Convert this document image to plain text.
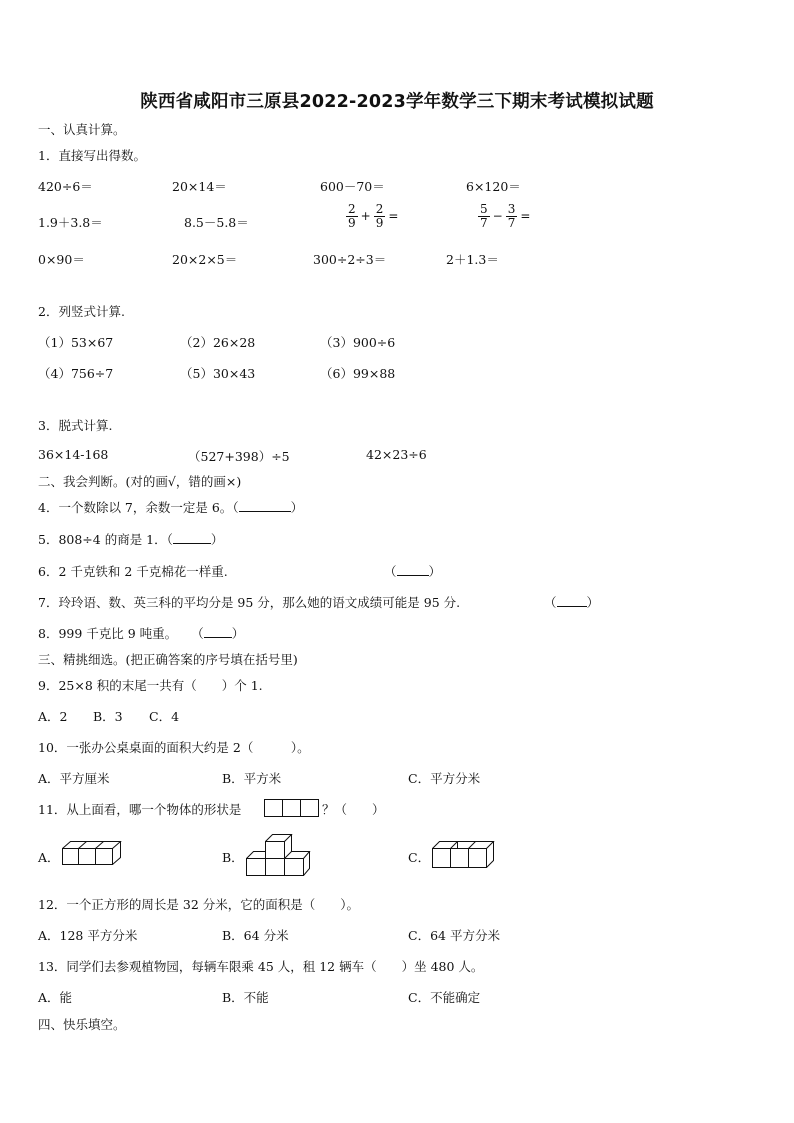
陕西省咸阳市三原县2022-2023学年数学三下期末考试模拟试题
一、认真计算。
1．直接写出得数。
420÷6＝	20×14＝	600－70＝	6×120＝
1.9＋3.8＝	8.5－5.8＝	$\frac{2}{9} + \frac{2}{9}$ =	$\frac{5}{7} - \frac{3}{7}$ =
0×90＝	20×2×5＝	300÷2÷3＝	2＋1.3＝
2．列竖式计算.
（1）53×67	（2）26×28	（3）900÷6
（4）756÷7	（5）30×43	（6）99×88
3．脱式计算.
36×14-168	（527+398）÷5	42×23÷6
二、我会判断。(对的画√，错的画×)
4．一个数除以 7，余数一定是 6。（	）
5．808÷4 的商是 1．（	）
6．2 千克铁和 2 千克棉花一样重.	（	）
7．玲玲语、数、英三科的平均分是 95 分，那么她的语文成绩可能是 95 分.	（ ）
8．999 千克比 9 吨重。 （ ）
三、精挑细选。(把正确答案的序号填在括号里)
9．25×8 积的末尾一共有（　　）个 1.
A．2 B．3 C．4
10．一张办公桌桌面的面积大约是 2（　　　）。
A．平方厘米	B．平方米	C．平方分米
11．从上面看，哪一个物体的形状是	？（　　）
A．	B．	C．
12．一个正方形的周长是 32 分米，它的面积是（　　）。
A．128 平方分米	B．64 分米	C．64 平方分米
13．同学们去参观植物园，每辆车限乘 45 人，租 12 辆车（　　）坐 480 人。
A．能	B．不能	C．不能确定
四、快乐填空。
